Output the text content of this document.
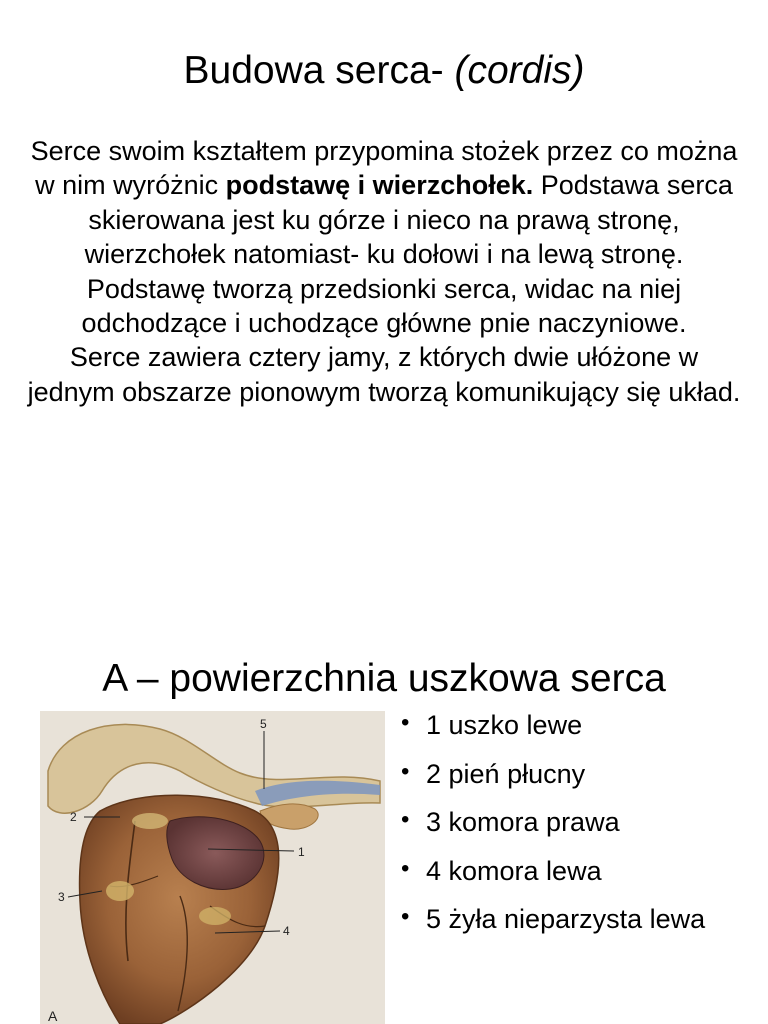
Budowa serca- (cordis)

Serce swoim kształtem przypomina stożek przez co można w nim wyróżnic podstawę i wierzchołek. Podstawa serca skierowana jest ku górze i nieco na prawą stronę, wierzchołek natomiast- ku dołowi i na lewą stronę. Podstawę tworzą przedsionki serca, widac na niej odchodzące i uchodzące główne pnie naczyniowe.

Serce zawiera cztery jamy, z których dwie ułóżone w jednym obszarze pionowym tworzą komunikujący się układ.

A – powierzchnia uszkowa serca
1
2
3
4
5
A
• 1 uszko lewe
• 2 pień płucny
• 3 komora prawa
• 4 komora lewa
• 5 żyła nieparzysta lewa
